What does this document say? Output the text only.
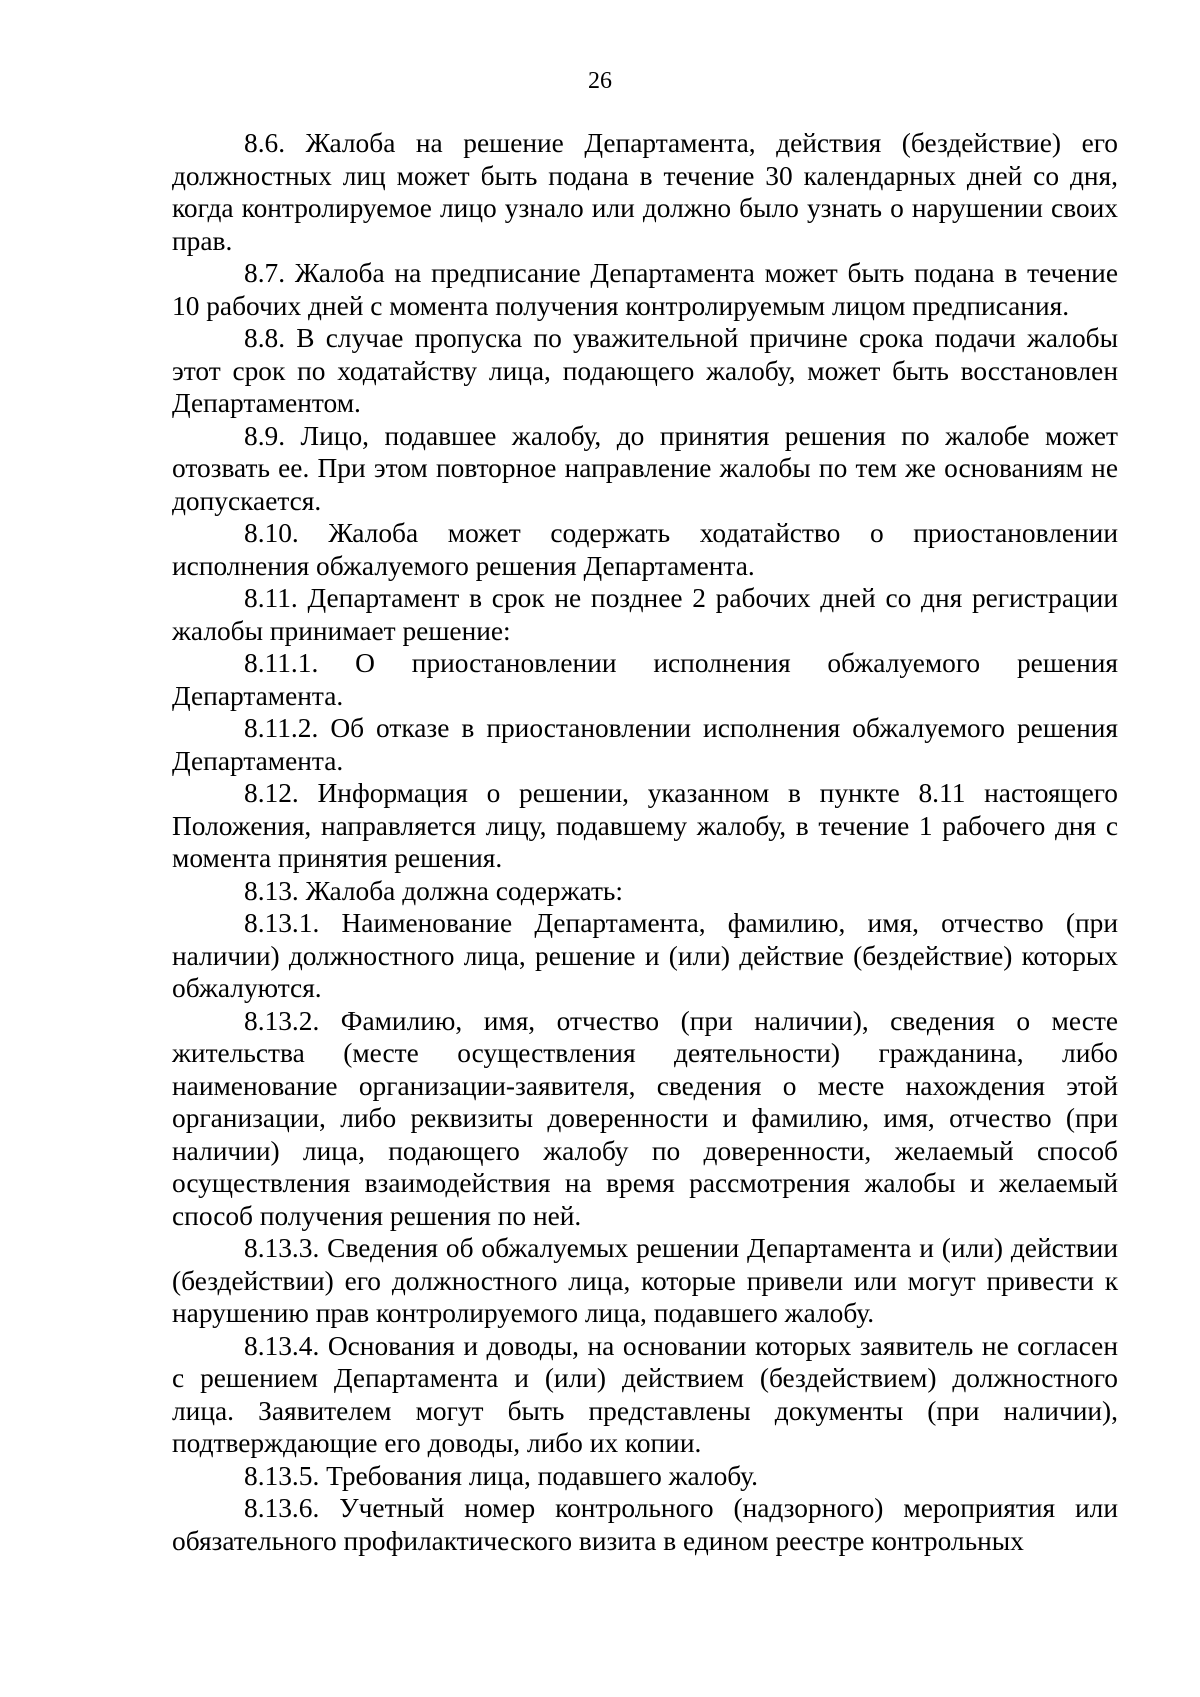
26

8.6. Жалоба на решение Департамента, действия (бездействие) его должностных лиц может быть подана в течение 30 календарных дней со дня, когда контролируемое лицо узнало или должно было узнать о нарушении своих прав.

8.7. Жалоба на предписание Департамента может быть подана в течение 10 рабочих дней с момента получения контролируемым лицом предписания.

8.8. В случае пропуска по уважительной причине срока подачи жалобы этот срок по ходатайству лица, подающего жалобу, может быть восстановлен Департаментом.

8.9. Лицо, подавшее жалобу, до принятия решения по жалобе может отозвать ее. При этом повторное направление жалобы по тем же основаниям не допускается.

8.10. Жалоба может содержать ходатайство о приостановлении исполнения обжалуемого решения Департамента.

8.11. Департамент в срок не позднее 2 рабочих дней со дня регистрации жалобы принимает решение:

8.11.1. О приостановлении исполнения обжалуемого решения Департамента.

8.11.2. Об отказе в приостановлении исполнения обжалуемого решения Департамента.

8.12. Информация о решении, указанном в пункте 8.11 настоящего Положения, направляется лицу, подавшему жалобу, в течение 1 рабочего дня с момента принятия решения.

8.13. Жалоба должна содержать:

8.13.1. Наименование Департамента, фамилию, имя, отчество (при наличии) должностного лица, решение и (или) действие (бездействие) которых обжалуются.

8.13.2. Фамилию, имя, отчество (при наличии), сведения о месте жительства (месте осуществления деятельности) гражданина, либо наименование организации-заявителя, сведения о месте нахождения этой организации, либо реквизиты доверенности и фамилию, имя, отчество (при наличии) лица, подающего жалобу по доверенности, желаемый способ осуществления взаимодействия на время рассмотрения жалобы и желаемый способ получения решения по ней.

8.13.3. Сведения об обжалуемых решении Департамента и (или) действии (бездействии) его должностного лица, которые привели или могут привести к нарушению прав контролируемого лица, подавшего жалобу.

8.13.4. Основания и доводы, на основании которых заявитель не согласен с решением Департамента и (или) действием (бездействием) должностного лица. Заявителем могут быть представлены документы (при наличии), подтверждающие его доводы, либо их копии.

8.13.5. Требования лица, подавшего жалобу.

8.13.6. Учетный номер контрольного (надзорного) мероприятия или обязательного профилактического визита в едином реестре контрольных
